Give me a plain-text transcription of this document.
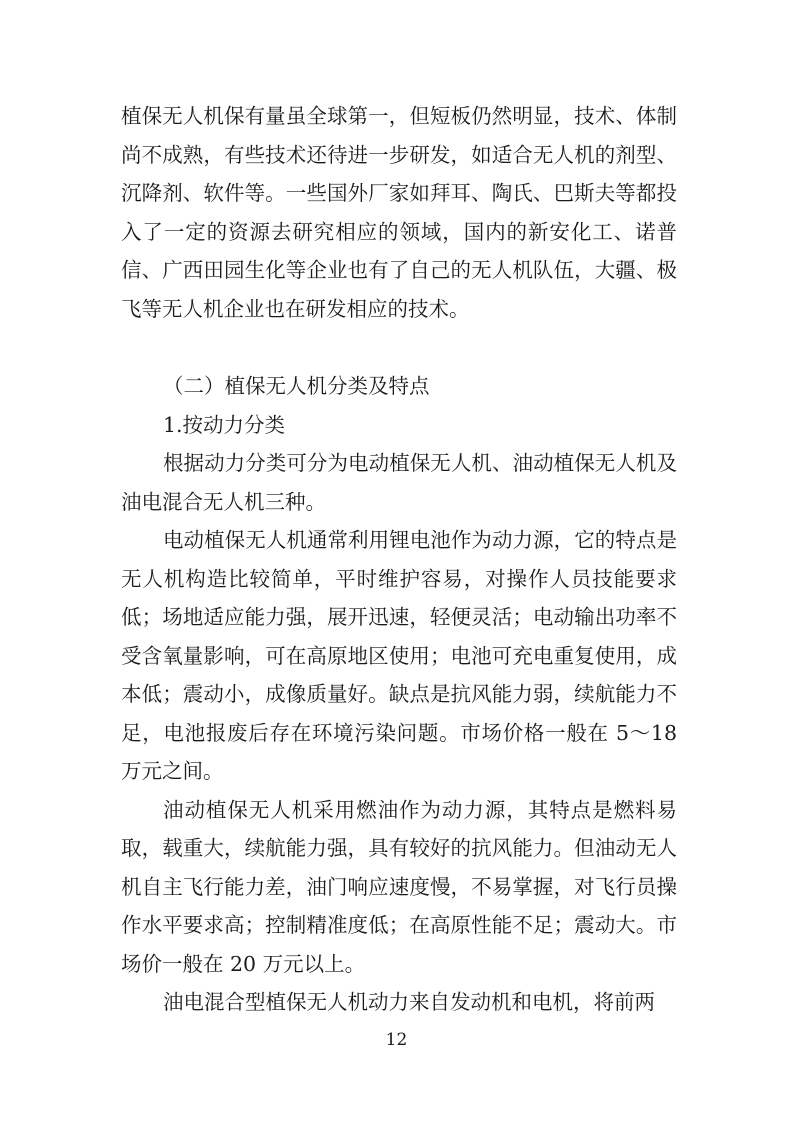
植保无人机保有量虽全球第一，但短板仍然明显，技术、体制尚不成熟，有些技术还待进一步研发，如适合无人机的剂型、沉降剂、软件等。一些国外厂家如拜耳、陶氏、巴斯夫等都投入了一定的资源去研究相应的领域，国内的新安化工、诺普信、广西田园生化等企业也有了自己的无人机队伍，大疆、极飞等无人机企业也在研发相应的技术。

（二）植保无人机分类及特点

1.按动力分类

根据动力分类可分为电动植保无人机、油动植保无人机及油电混合无人机三种。

电动植保无人机通常利用锂电池作为动力源，它的特点是无人机构造比较简单，平时维护容易，对操作人员技能要求低；场地适应能力强，展开迅速，轻便灵活；电动输出功率不受含氧量影响，可在高原地区使用；电池可充电重复使用，成本低；震动小，成像质量好。缺点是抗风能力弱，续航能力不足，电池报废后存在环境污染问题。市场价格一般在 5～18 万元之间。

油动植保无人机采用燃油作为动力源，其特点是燃料易取，载重大，续航能力强，具有较好的抗风能力。但油动无人机自主飞行能力差，油门响应速度慢，不易掌握，对飞行员操作水平要求高；控制精准度低；在高原性能不足；震动大。市场价一般在 20 万元以上。

油电混合型植保无人机动力来自发动机和电机，将前两

12
